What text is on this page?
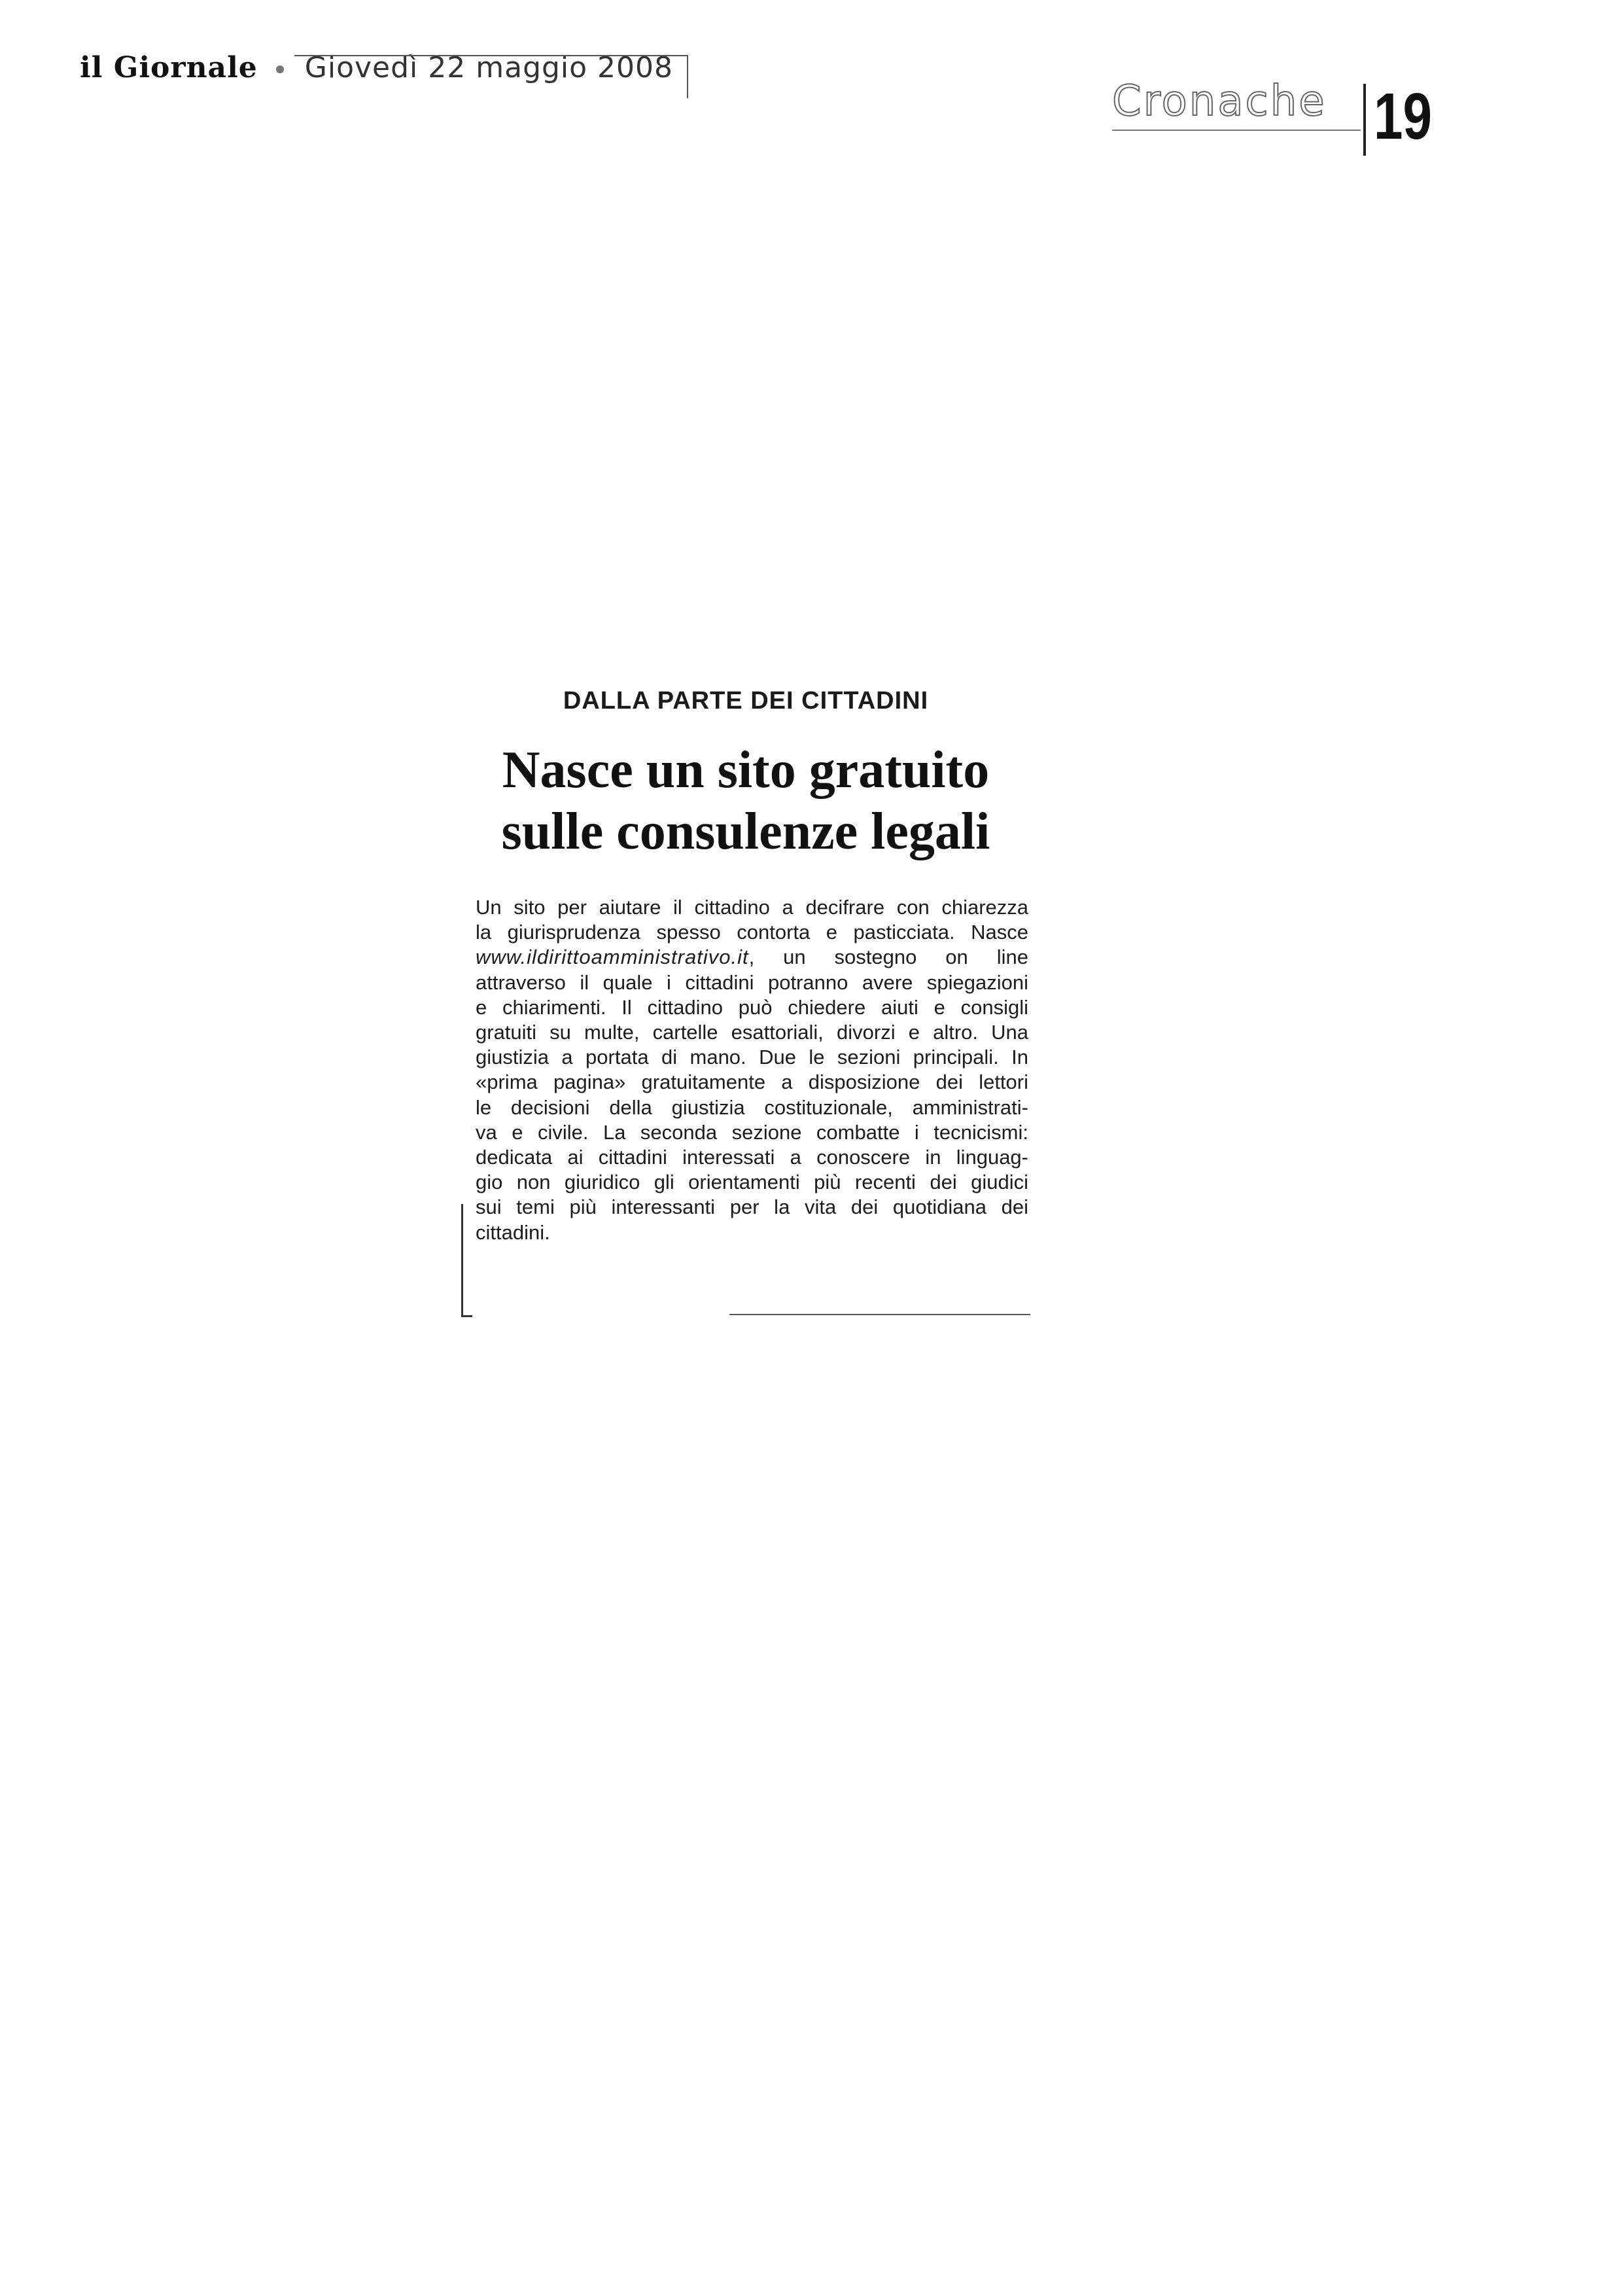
il Giornale Giovedì 22 maggio 2008
Cronache 19
DALLA PARTE DEI CITTADINI
Nasce un sito gratuito
sulle consulenze legali
Un sito per aiutare il cittadino a decifrare con chiarezza
la giurisprudenza spesso contorta e pasticciata. Nasce
www.ildirittoamministrativo.it, un sostegno on line
attraverso il quale i cittadini potranno avere spiegazioni
e chiarimenti. Il cittadino può chiedere aiuti e consigli
gratuiti su multe, cartelle esattoriali, divorzi e altro. Una
giustizia a portata di mano. Due le sezioni principali. In
«prima pagina» gratuitamente a disposizione dei lettori
le decisioni della giustizia costituzionale, amministrati-
va e civile. La seconda sezione combatte i tecnicismi:
dedicata ai cittadini interessati a conoscere in linguag-
gio non giuridico gli orientamenti più recenti dei giudici
sui temi più interessanti per la vita dei quotidiana dei
cittadini.
